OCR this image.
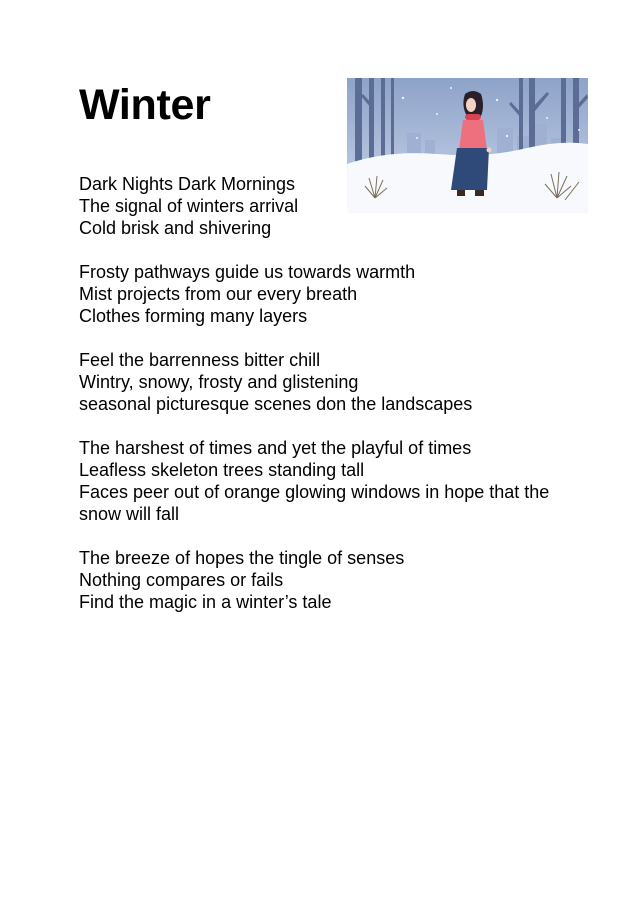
Winter
Dark Nights Dark Mornings
The signal of winters arrival
Cold brisk and shivering
Frosty pathways guide us towards warmth
Mist projects from our every breath
Clothes forming many layers
Feel the barrenness bitter chill
Wintry, snowy, frosty and glistening
seasonal picturesque scenes don the landscapes
The harshest of times and yet the playful of times
Leafless skeleton trees standing tall
Faces peer out of orange glowing windows in hope that the snow will fall
The breeze of hopes the tingle of senses
Nothing compares or fails
Find the magic in a winter’s tale
